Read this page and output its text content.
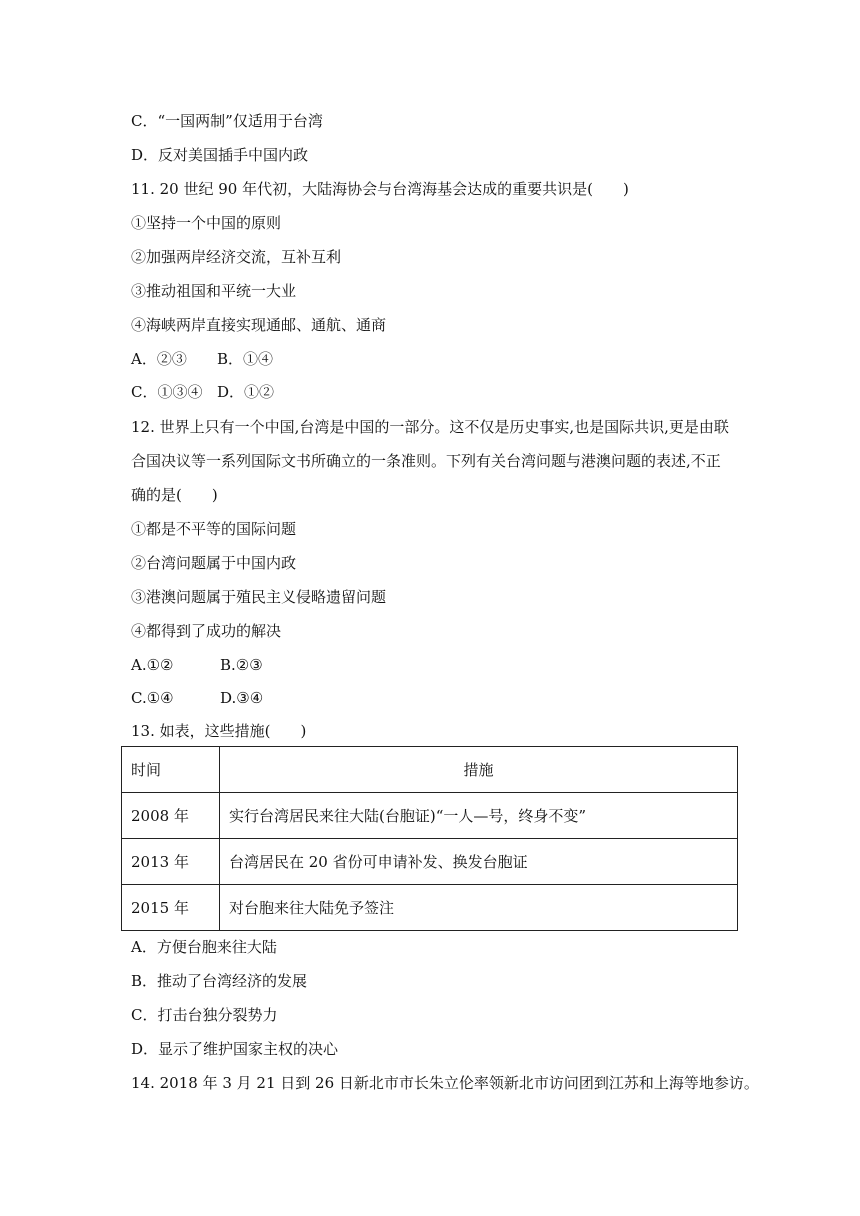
C．“一国两制”仅适用于台湾
D．反对美国插手中国内政
11. 20 世纪 90 年代初，大陆海协会与台湾海基会达成的重要共识是(　　)
①坚持一个中国的原则
②加强两岸经济交流，互补互利
③推动祖国和平统一大业
④海峡两岸直接实现通邮、通航、通商
A．②③	B．①④
C．①③④ D．①②
12. 世界上只有一个中国,台湾是中国的一部分。这不仅是历史事实,也是国际共识,更是由联
合国决议等一系列国际文书所确立的一条准则。下列有关台湾问题与港澳问题的表述,不正
确的是(　　)
①都是不平等的国际问题
②台湾问题属于中国内政
③港澳问题属于殖民主义侵略遗留问题
④都得到了成功的解决
A.①②	B.②③
C.①④	D.③④
13. 如表，这些措施(　　)
时间	措施
2008 年	实行台湾居民来往大陆(台胞证)“一人—号，终身不变”
2013 年	台湾居民在 20 省份可申请补发、换发台胞证
2015 年	对台胞来往大陆免予签注
A．方便台胞来往大陆
B．推动了台湾经济的发展
C．打击台独分裂势力
D．显示了维护国家主权的决心
14. 2018 年 3 月 21 日到 26 日新北市市长朱立伦率领新北市访问团到江苏和上海等地参访。
